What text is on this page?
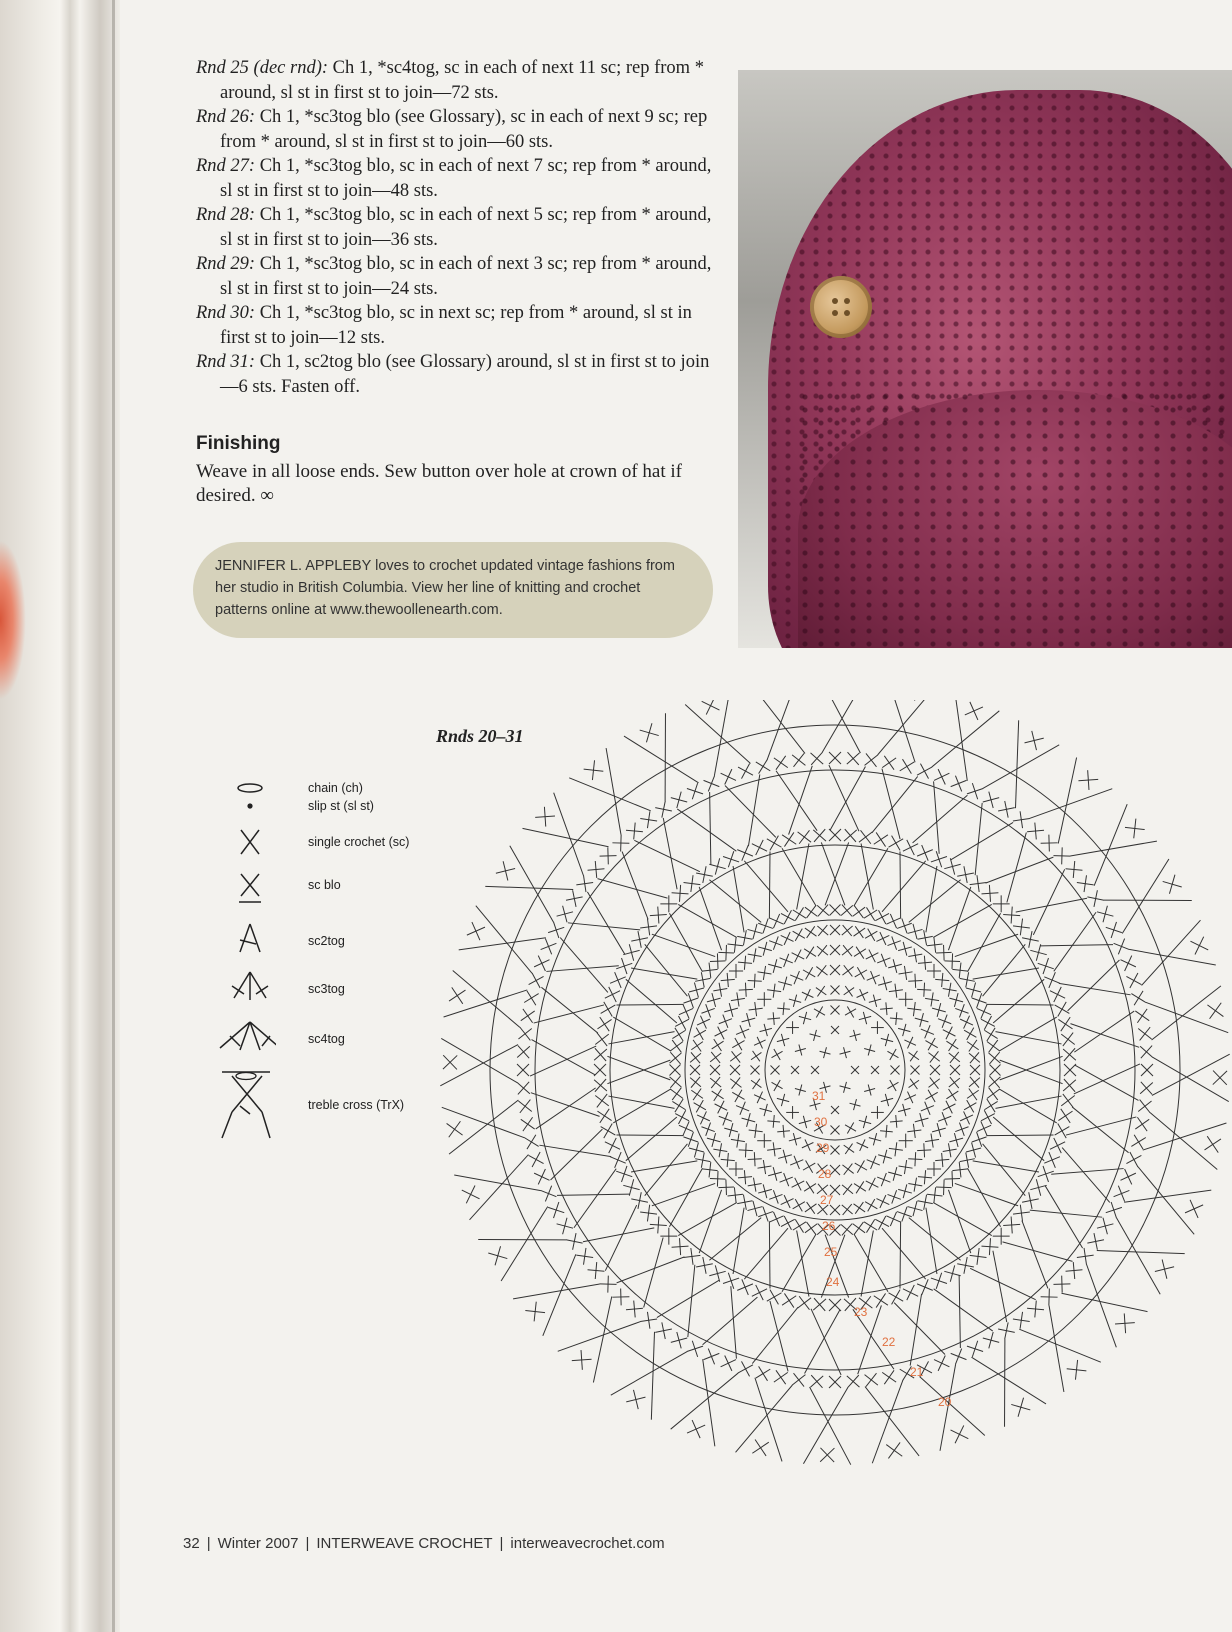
Rnd 25 (dec rnd): Ch 1, *sc4tog, sc in each of next 11 sc; rep from * around, sl st in first st to join—72 sts.

Rnd 26: Ch 1, *sc3tog blo (see Glossary), sc in each of next 9 sc; rep from * around, sl st in first st to join—60 sts.

Rnd 27: Ch 1, *sc3tog blo, sc in each of next 7 sc; rep from * around, sl st in first st to join—48 sts.

Rnd 28: Ch 1, *sc3tog blo, sc in each of next 5 sc; rep from * around, sl st in first st to join—36 sts.

Rnd 29: Ch 1, *sc3tog blo, sc in each of next 3 sc; rep from * around, sl st in first st to join—24 sts.

Rnd 30: Ch 1, *sc3tog blo, sc in next sc; rep from * around, sl st in first st to join—12 sts.

Rnd 31: Ch 1, sc2tog blo (see Glossary) around, sl st in first st to join—6 sts. Fasten off.

Finishing

Weave in all loose ends. Sew button over hole at crown of hat if desired. ∞

JENNIFER L. APPLEBY loves to crochet updated vintage fashions from her studio in British Columbia. View her line of knitting and crochet patterns online at www.thewoollenearth.com.
Rnds 20–31
chain (ch)
slip st (sl st)
single crochet (sc)
sc blo
sc2tog
sc3tog
sc4tog
treble cross (TrX)
31
30
29
28
27
26
25
24
23
22
21
20

32 | Winter 2007 | INTERWEAVE CROCHET | interweavecrochet.com
